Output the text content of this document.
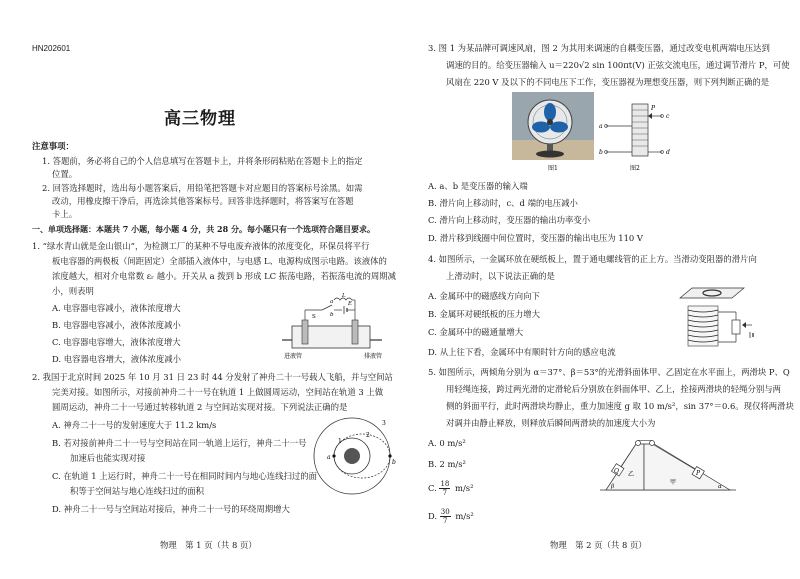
HN202601
高三物理
注意事项：
1. 答题前，务必将自己的个人信息填写在答题卡上，并将条形码粘贴在答题卡上的指定
位置。
2. 回答选择题时，选出每小题答案后，用铅笔把答题卡对应题目的答案标号涂黑。如需
改动，用橡皮擦干净后，再选涂其他答案标号。回答非选择题时，将答案写在答题
卡上。
一、单项选择题：本题共 7 小题，每小题 4 分，共 28 分。每小题只有一个选项符合题目要求。
1. “绿水青山就是金山银山”，为检测工厂的某种不导电废弃液体的浓度变化，环保员将平行
板电容器的两极板（间距固定）全部插入液体中，与电感 L、电源构成图示电路。该液体的
浓度越大，相对介电常数 εᵣ 越小。开关从 a 拨到 b 形成 LC 振荡电路，若振荡电流的周期减
小，则表明
A. 电容器电容减小，液体浓度增大
B. 电容器电容减小，液体浓度减小
C. 电容器电容增大，液体浓度增大
D. 电容器电容增大，液体浓度减小
S
a
b
L
E
进液管	排液管
2. 我国于北京时间 2025 年 10 月 31 日 23 时 44 分发射了神舟二十一号载人飞船，并与空间站
完美对接。如图所示，对接前神舟二十一号在轨道 1 上做圆周运动，空间站在轨道 3 上做
圆周运动，神舟二十一号通过转移轨道 2 与空间站实现对接。下列说法正确的是
A. 神舟二十一号的发射速度大于 11.2 km/s
B. 若对接前神舟二十一号与空间站在同一轨道上运行，神舟二十一号
加速后也能实现对接
C. 在轨道 1 上运行时，神舟二十一号在相同时间内与地心连线扫过的面
积等于空间站与地心连线扫过的面积
D. 神舟二十一号与空间站对接后，神舟二十一号的环绕周期增大
1
2
3
a
b
物理　第 1 页（共 8 页）
3. 图 1 为某品牌可调速风扇，图 2 为其用来调速的自耦变压器，通过改变电机两端电压达到
调速的目的。给变压器输入 u＝220√2 sin 100πt(V) 正弦交流电压，通过调节滑片 P，可使
风扇在 220 V 及以下的不同电压下工作，变压器视为理想变压器，则下列判断正确的是
图1
P
a
b
c
d
图2
A. a、b 是变压器的输入端
B. 滑片向上移动时，c、d 端的电压减小
C. 滑片向上移动时，变压器的输出功率变小
D. 滑片移到线圈中间位置时，变压器的输出电压为 110 V
4. 如图所示，一金属环放在硬纸板上，置于通电螺线管的正上方。当滑动变阻器的滑片向
上滑动时，以下说法正确的是
A. 金属环中的磁感线方向向下
B. 金属环对硬纸板的压力增大
C. 金属环中的磁通量增大
D. 从上往下看，金属环中有顺时针方向的感应电流
5. 如图所示，两倾角分别为 α＝37°、β＝53°的光滑斜面体甲、乙固定在水平面上，两滑块 P、Q
用轻绳连接，跨过两光滑的定滑轮后分别放在斜面体甲、乙上，拴接两滑块的轻绳分别与两
侧的斜面平行，此时两滑块均静止，重力加速度 g 取 10 m/s²，sin 37°＝0.6。现仅将两滑块
对调并由静止释放，则释放后瞬间两滑块的加速度大小为
A. 0 m/s²
B. 2 m/s²
C. $\frac{18}{7} m/s^2$
D. $\frac{30}{7} m/s^2$
Q	P
乙
甲
β	α
物理　第 2 页（共 8 页）
